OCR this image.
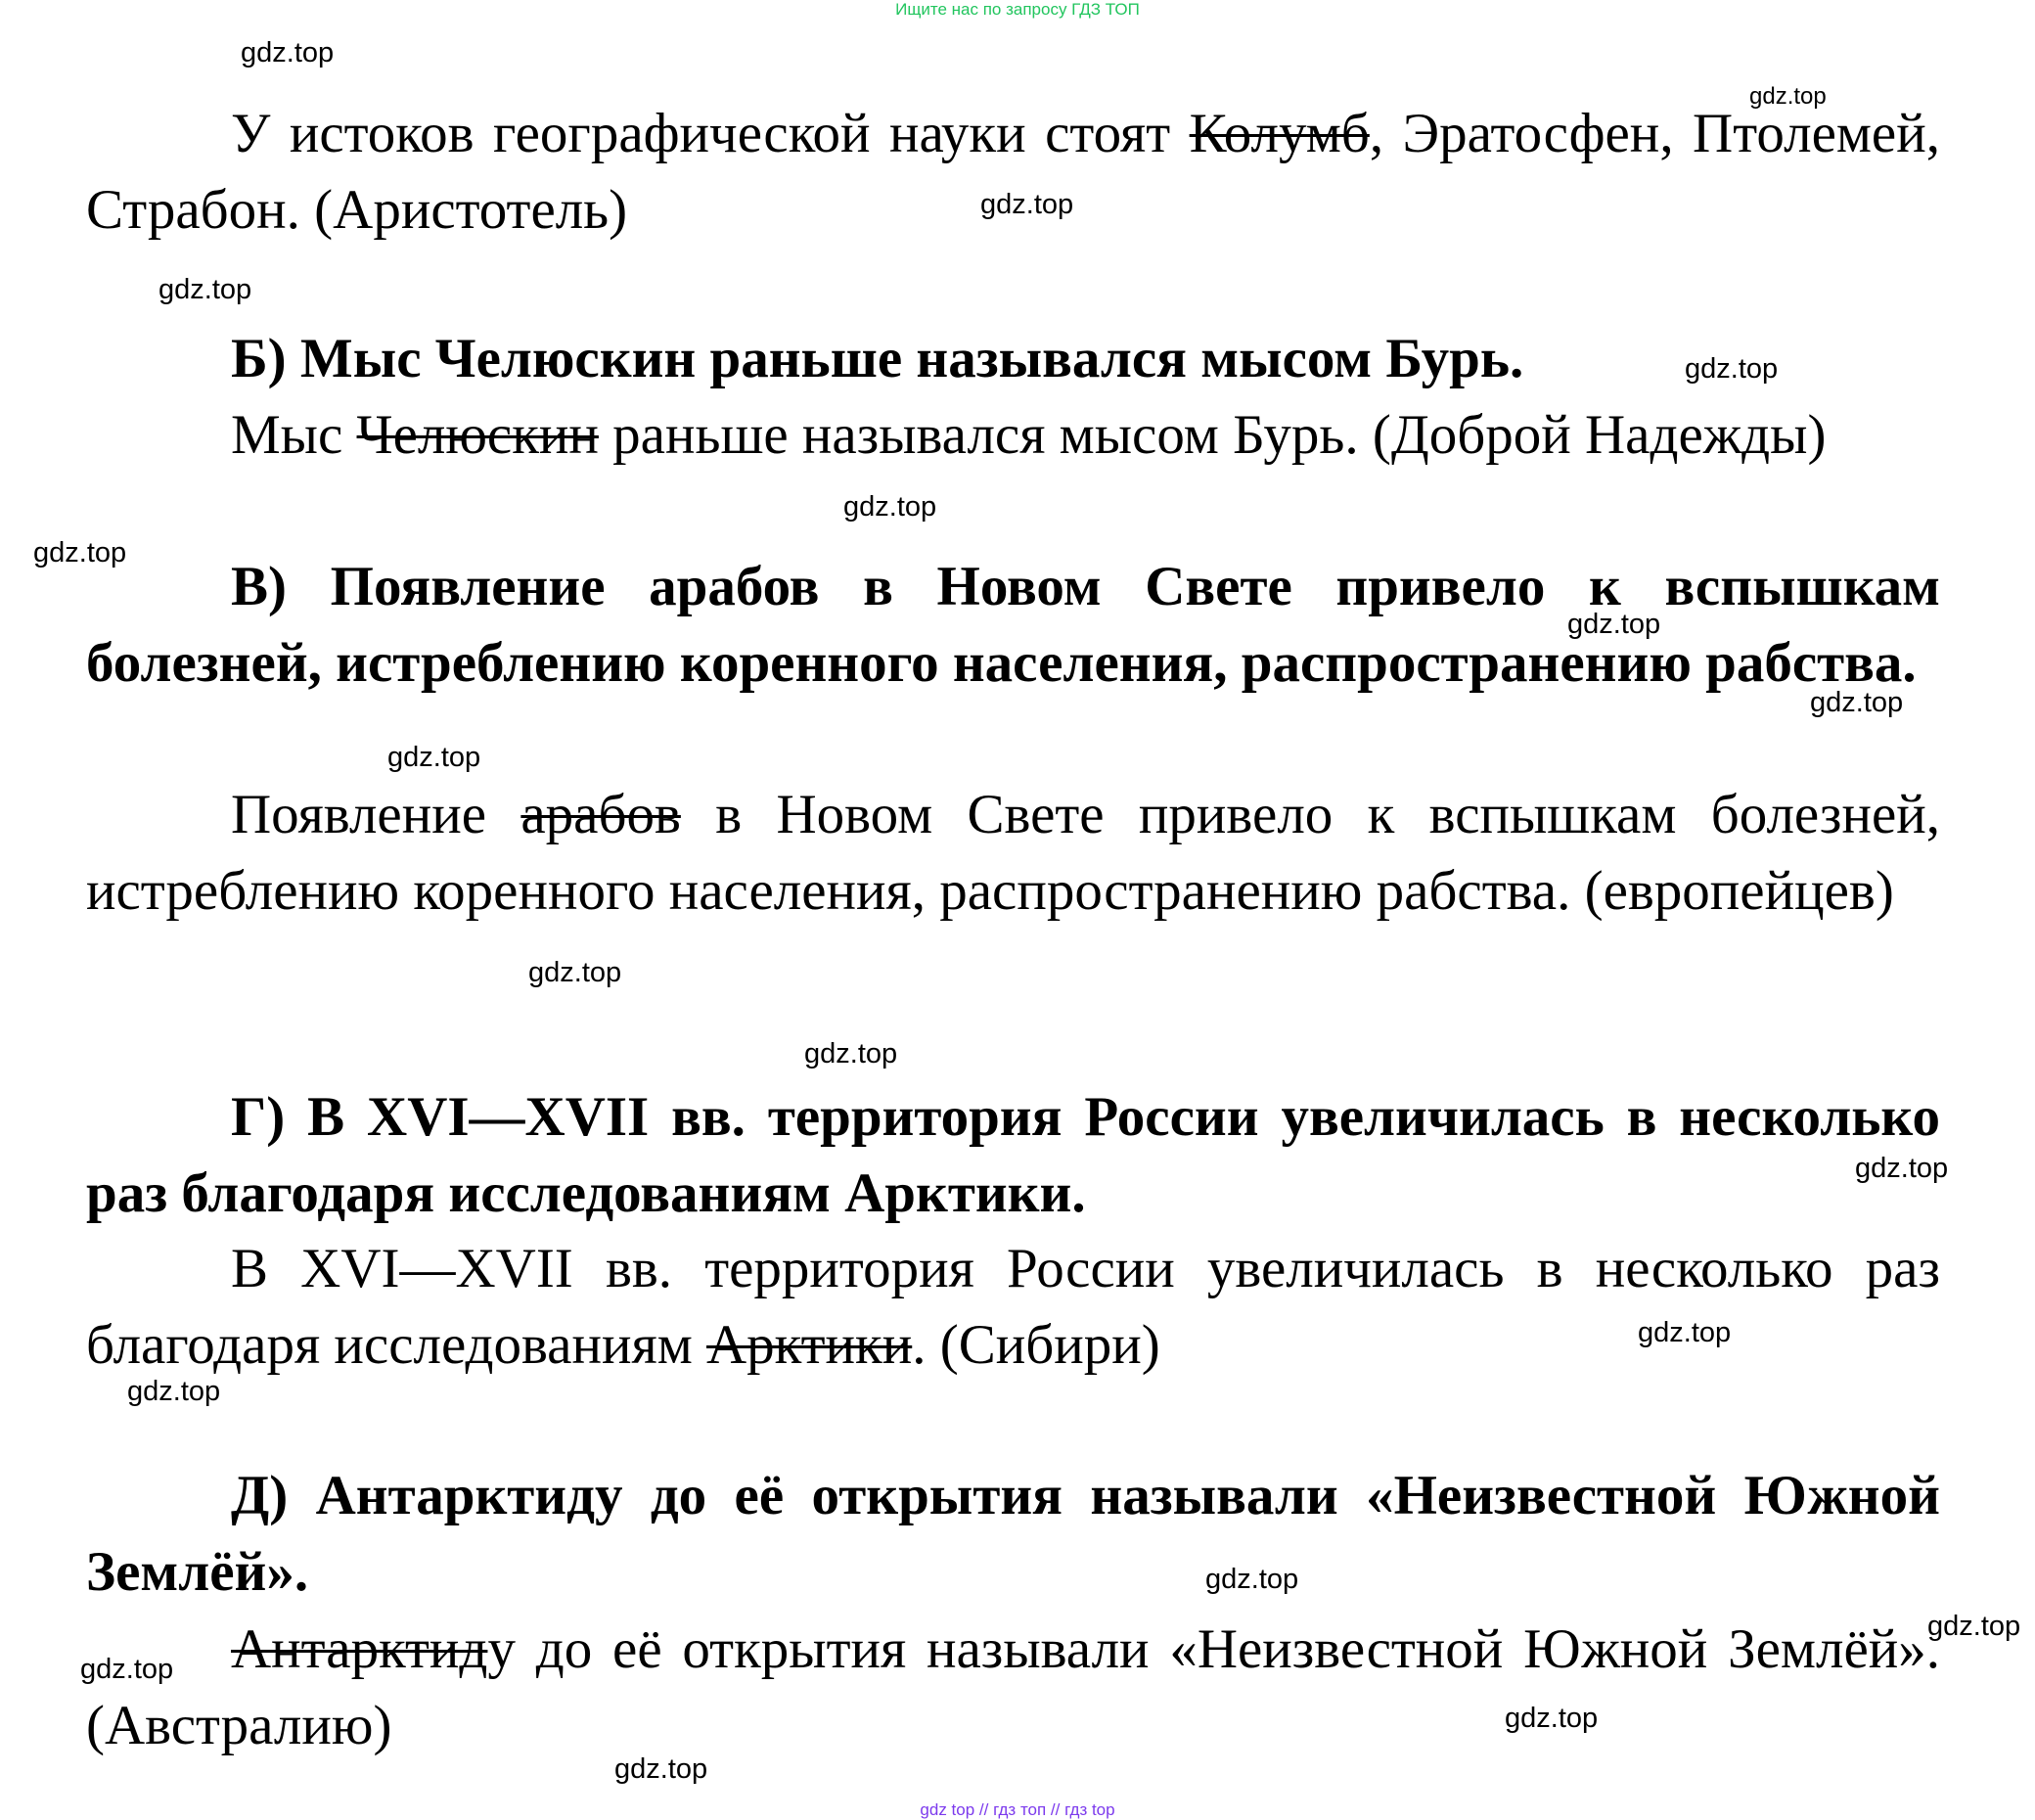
Ищите нас по запросу ГДЗ ТОП
У истоков географической науки стоят Колумб, Эратосфен, Птолемей, Страбон. (Аристотель)
Б) Мыс Челюскин раньше назывался мысом Бурь.
Мыс Челюскин раньше назывался мысом Бурь. (Доброй Надежды)
В) Появление арабов в Новом Свете привело к вспышкам болезней, истреблению коренного населения, распространению рабства.
Появление арабов в Новом Свете привело к вспышкам болезней, истреблению коренного населения, распространению рабства. (европейцев)
Г) В XVI—XVII вв. территория России увеличилась в несколько раз благодаря исследованиям Арктики.
В XVI—XVII вв. территория России увеличилась в несколько раз благодаря исследованиям Арктики. (Сибири)
Д) Антарктиду до её открытия называли «Неизвестной Южной Землёй».
Антарктиду до её открытия называли «Неизвестной Южной Землёй». (Австралию)
gdz.top
gdz.top
gdz.top
gdz.top
gdz.top
gdz.top
gdz.top
gdz.top
gdz.top
gdz.top
gdz.top
gdz.top
gdz.top
gdz.top
gdz.top
gdz.top
gdz.top
gdz.top
gdz.top
gdz.top
gdz top // гдз топ // гдз top
